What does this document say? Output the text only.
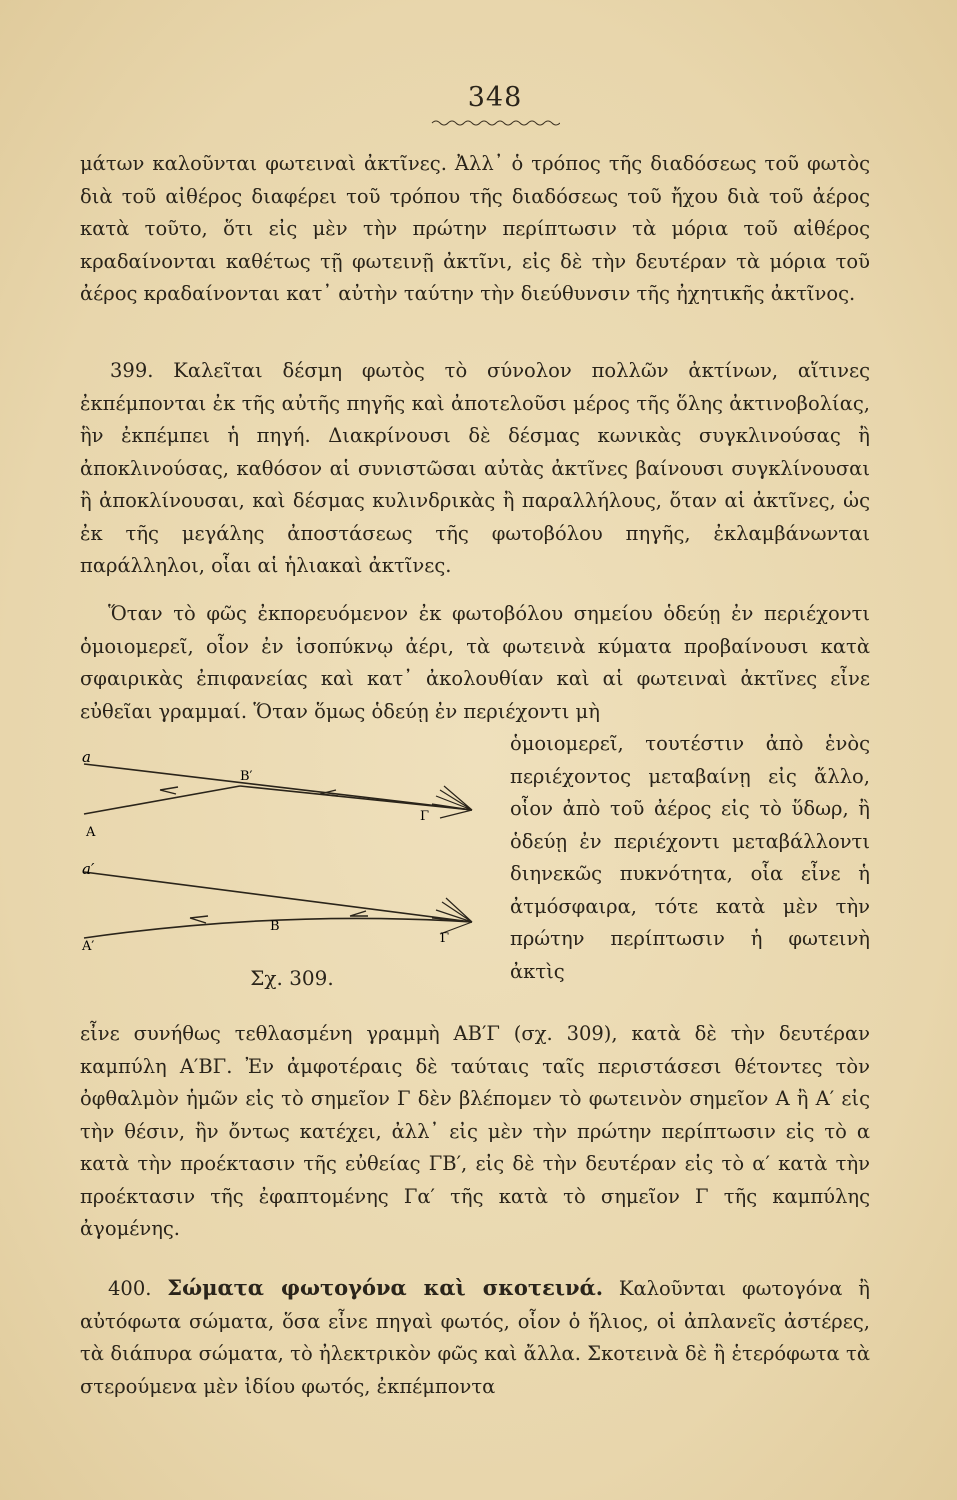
348
μάτων καλοῦνται φωτειναὶ ἀκτῖνες. Ἀλλ᾽ ὁ τρόπος τῆς διαδόσεως τοῦ φωτὸς διὰ τοῦ αἰθέρος διαφέρει τοῦ τρόπου τῆς διαδόσεως τοῦ ἤχου διὰ τοῦ ἀέρος κατὰ τοῦτο, ὅτι εἰς μὲν τὴν πρώτην περίπτωσιν τὰ μόρια τοῦ αἰθέρος κραδαίνονται καθέτως τῇ φωτεινῇ ἀκτῖνι, εἰς δὲ τὴν δευτέραν τὰ μόρια τοῦ ἀέρος κραδαίνονται κατ᾽ αὐτὴν ταύτην τὴν διεύθυνσιν τῆς ἠχητικῆς ἀκτῖνος.
399. Καλεῖται δέσμη φωτὸς τὸ σύνολον πολλῶν ἀκτίνων, αἵτινες ἐκπέμπονται ἐκ τῆς αὐτῆς πηγῆς καὶ ἀποτελοῦσι μέρος τῆς ὅλης ἀκτινοβολίας, ἣν ἐκπέμπει ἡ πηγή. Διακρίνουσι δὲ δέσμας κωνικὰς συγκλινούσας ἢ ἀποκλινούσας, καθόσον αἱ συνιστῶσαι αὐτὰς ἀκτῖνες βαίνουσι συγκλίνουσαι ἢ ἀποκλίνουσαι, καὶ δέσμας κυλινδρικὰς ἢ παραλλήλους, ὅταν αἱ ἀκτῖνες, ὡς ἐκ τῆς μεγάλης ἀποστάσεως τῆς φωτοβόλου πηγῆς, ἐκλαμβάνωνται παράλληλοι, οἷαι αἱ ἡλιακαὶ ἀκτῖνες.
Ὅταν τὸ φῶς ἐκπορευόμενον ἐκ φωτοβόλου σημείου ὁδεύῃ ἐν περιέχοντι ὁμοιομερεῖ, οἷον ἐν ἰσοπύκνῳ ἀέρι, τὰ φωτεινὰ κύματα προβαίνουσι κατὰ σφαιρικὰς ἐπιφανείας καὶ κατ᾽ ἀκολουθίαν καὶ αἱ φωτειναὶ ἀκτῖνες εἶνε εὐθεῖαι γραμμαί. Ὅταν ὅμως ὁδεύῃ ἐν περιέχοντι μὴ
a
Β′
Γ
Α
a′
Β
Γ
Α′
Σχ. 309.
ὁμοιομερεῖ, τουτέστιν ἀπὸ ἑνὸς περιέχοντος μεταβαίνῃ εἰς ἄλλο, οἷον ἀπὸ τοῦ ἀέρος εἰς τὸ ὕδωρ, ἢ ὁδεύῃ ἐν περιέχοντι μεταβάλλοντι διηνεκῶς πυκνότητα, οἷα εἶνε ἡ ἀτμόσφαιρα, τότε κατὰ μὲν τὴν πρώτην περίπτωσιν ἡ φωτεινὴ ἀκτὶς
εἶνε συνήθως τεθλασμένη γραμμὴ ΑΒ′Γ (σχ. 309), κατὰ δὲ τὴν δευτέραν καμπύλη Α′ΒΓ. Ἐν ἀμφοτέραις δὲ ταύταις ταῖς περιστάσεσι θέτοντες τὸν ὀφθαλμὸν ἡμῶν εἰς τὸ σημεῖον Γ δὲν βλέπομεν τὸ φωτεινὸν σημεῖον Α ἢ Α′ εἰς τὴν θέσιν, ἣν ὄντως κατέχει, ἀλλ᾽ εἰς μὲν τὴν πρώτην περίπτωσιν εἰς τὸ α κατὰ τὴν προέκτασιν τῆς εὐθείας ΓΒ′, εἰς δὲ τὴν δευτέραν εἰς τὸ α′ κατὰ τὴν προέκτασιν τῆς ἐφαπτομένης Γα′ τῆς κατὰ τὸ σημεῖον Γ τῆς καμπύλης ἀγομένης.
400. Σώματα φωτογόνα καὶ σκοτεινά. Καλοῦνται φωτογόνα ἢ αὐτόφωτα σώματα, ὅσα εἶνε πηγαὶ φωτός, οἷον ὁ ἥλιος, οἱ ἀπλανεῖς ἀστέρες, τὰ διάπυρα σώματα, τὸ ἠλεκτρικὸν φῶς καὶ ἄλλα. Σκοτεινὰ δὲ ἢ ἑτερόφωτα τὰ στερούμενα μὲν ἰδίου φωτός, ἐκπέμποντα
